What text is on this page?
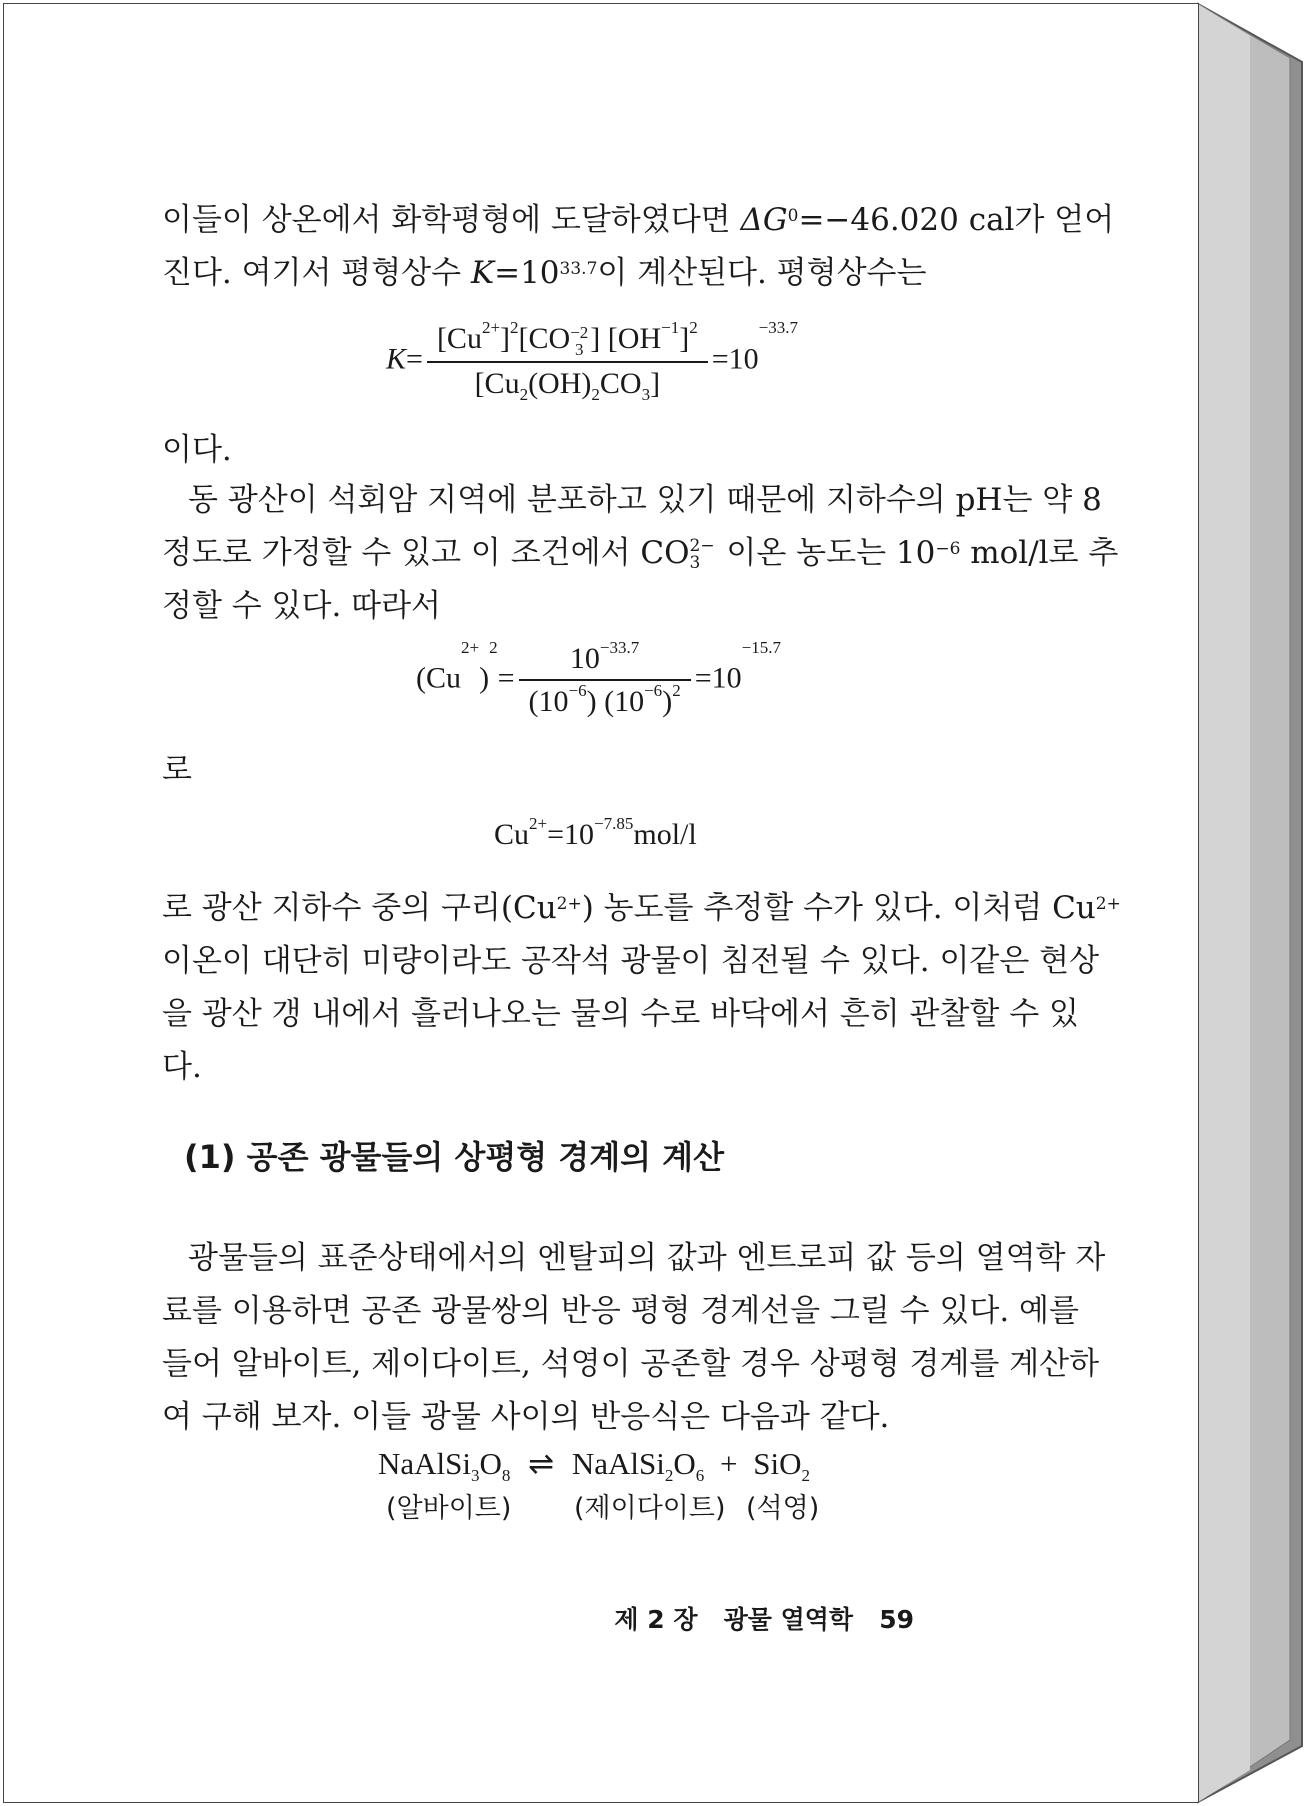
이들이 상온에서 화학평형에 도달하였다면 $\Delta G^0=-46.020$ cal가 얻어
진다. 여기서 평형상수 $K=10^{33.7}$이 계산된다. 평형상수는
$K= [Cu^{2+}]^2[CO -2$
3 ] $[OH^{-1}]^2$
$[Cu_2(OH)_2CO_3] =10^{-33.7}$
이다.
동 광산이 석회암 지역에 분포하고 있기 때문에 지하수의 pH는 약 8
정도로 가정할 수 있고 이 조건에서 CO 2−
3 이온 농도는 $10^{-6}$ mol/l로 추
정할 수 있다. 따라서
$(Cu^{2+})^2= \frac{10^{-33.7}}{(10^{-6}) (10^{-6})^2} =10^{-15.7}$
로
$Cu^{2+}=10^{-7.85}mol/l$
로 광산 지하수 중의 구리$(Cu^{2+})$ 농도를 추정할 수가 있다. 이처럼 $Cu^{2+}$
이온이 대단히 미량이라도 공작석 광물이 침전될 수 있다. 이같은 현상
을 광산 갱 내에서 흘러나오는 물의 수로 바닥에서 흔히 관찰할 수 있
다.
(1) 공존 광물들의 상평형 경계의 계산
광물들의 표준상태에서의 엔탈피의 값과 엔트로피 값 등의 열역학 자
료를 이용하면 공존 광물쌍의 반응 평형 경계선을 그릴 수 있다. 예를
들어 알바이트, 제이다이트, 석영이 공존할 경우 상평형 경계를 계산하
여 구해 보자. 이들 광물 사이의 반응식은 다음과 같다.
$NaAlSi_3O_8$ ⇌ $NaAlSi_2O_6 + SiO_2$
(알바이트) (제이다이트) (석영)
제 2 장 광물 열역학 59
